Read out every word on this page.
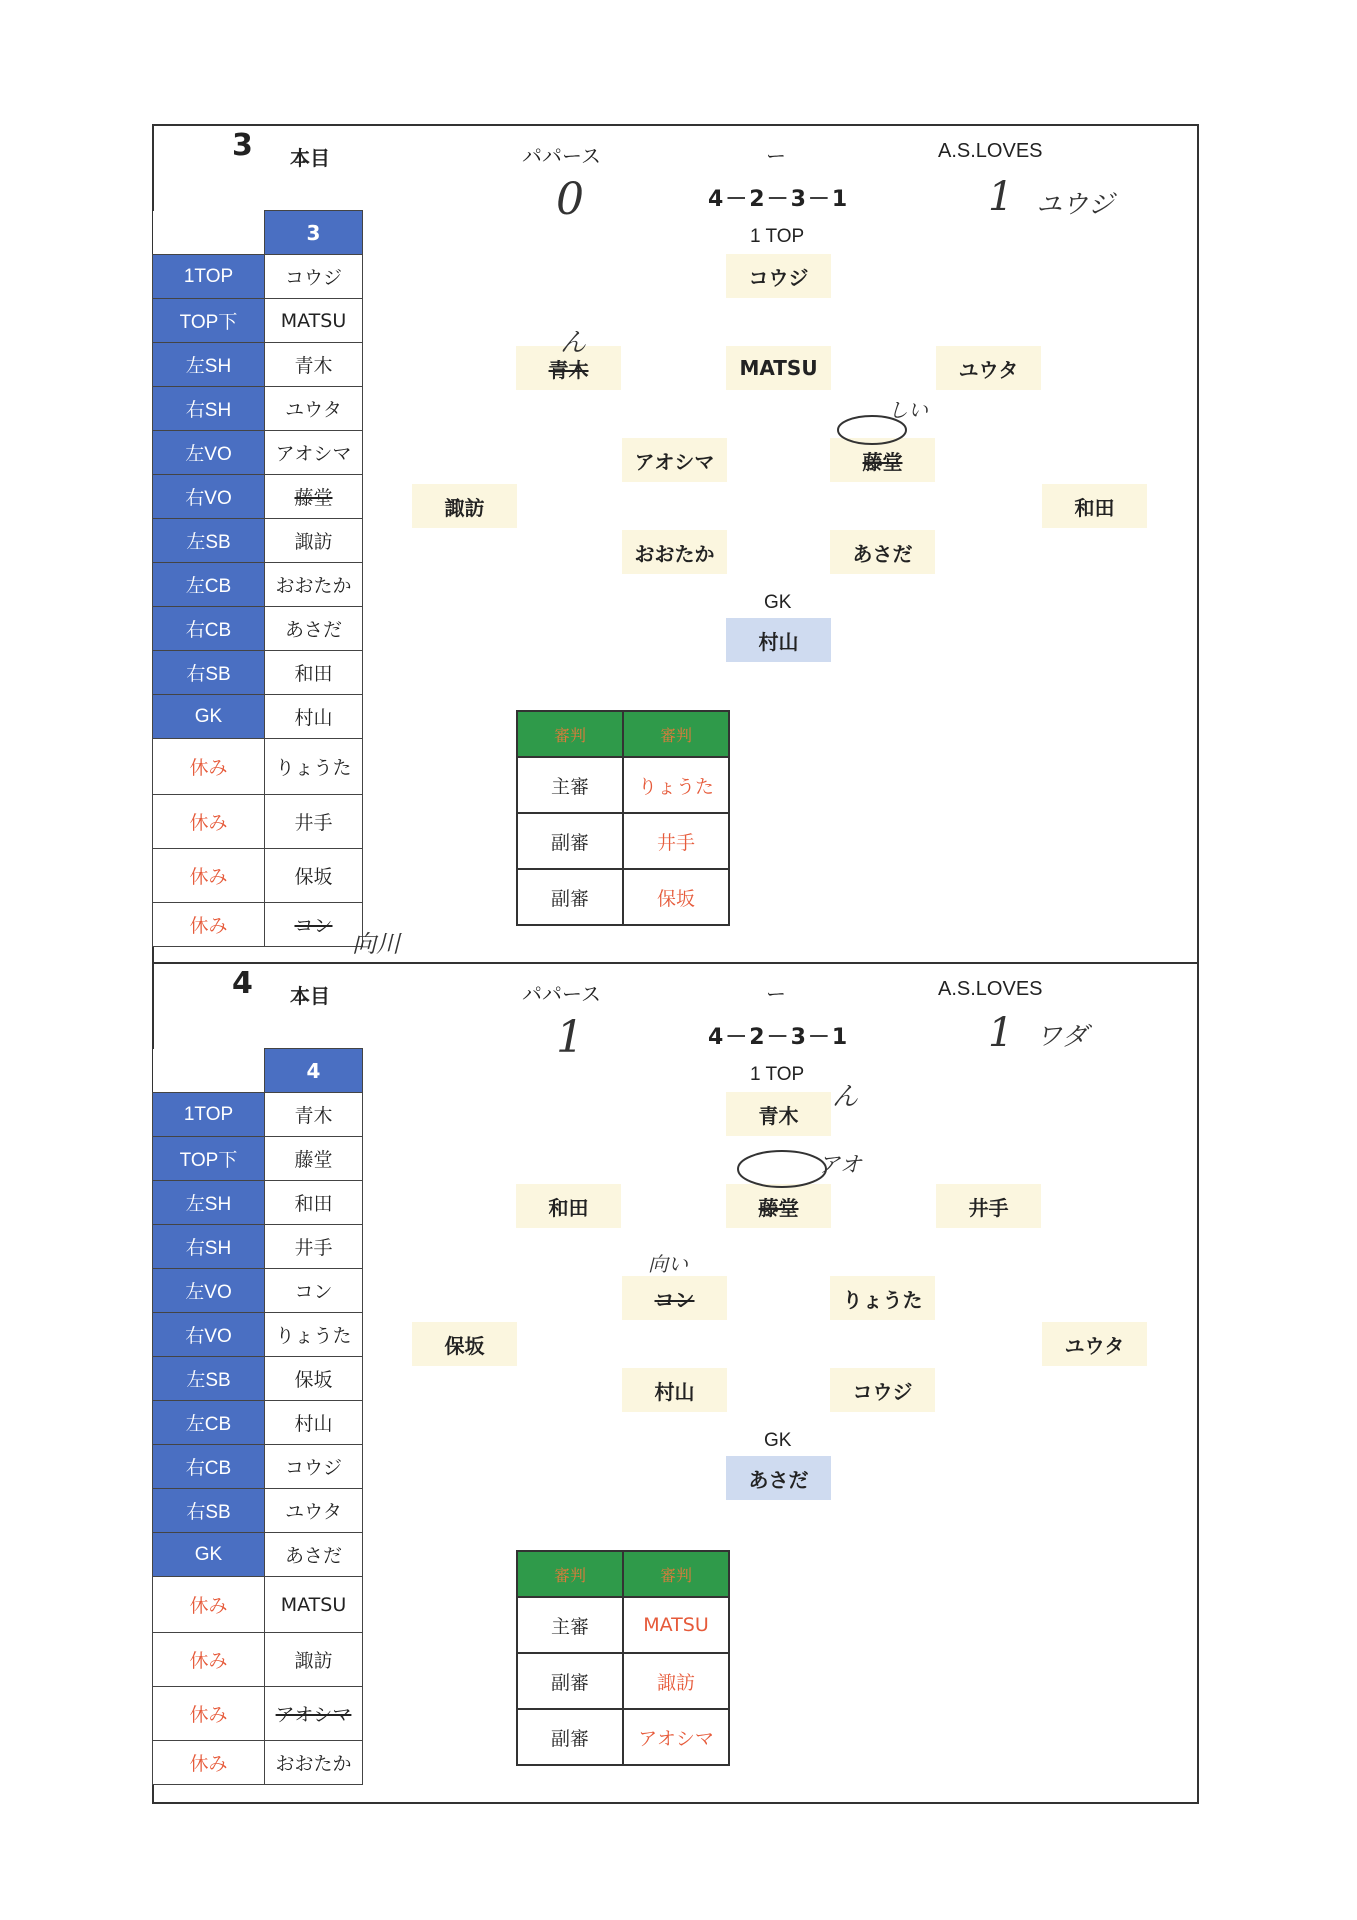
3 本目	パパース	ー	A.S.LOVES
0	4－2－3－1	1 ユウジ
1 TOP
	3
1TOP	コウジ
TOP下	MATSU
左SH	青木
右SH	ユウタ
左VO	アオシマ
右VO	藤堂
左SB	諏訪
左CB	おおたか
右CB	あさだ
右SB	和田
GK	村山
休み	りょうた
休み	井手
休み	保坂
休み	コン
コウジ
青木	MATSU	ユウタ
アオシマ	藤堂
諏訪	和田
おおたか	あさだ
GK
村山
ん
しい
向川
審判	審判
主審	りょうた
副審	井手
副審	保坂
4 本目	パパース	ー	A.S.LOVES
1	4－2－3－1	1 ワダ
1 TOP
	4
1TOP	青木
TOP下	藤堂
左SH	和田
右SH	井手
左VO	コン
右VO	りょうた
左SB	保坂
左CB	村山
右CB	コウジ
右SB	ユウタ
GK	あさだ
休み	MATSU
休み	諏訪
休み	アオシマ
休み	おおたか
青木
和田	藤堂	井手
コン	りょうた
保坂	ユウタ
村山	コウジ
GK
あさだ
ん
アオ
向い
審判	審判
主審	MATSU
副審	諏訪
副審	アオシマ
